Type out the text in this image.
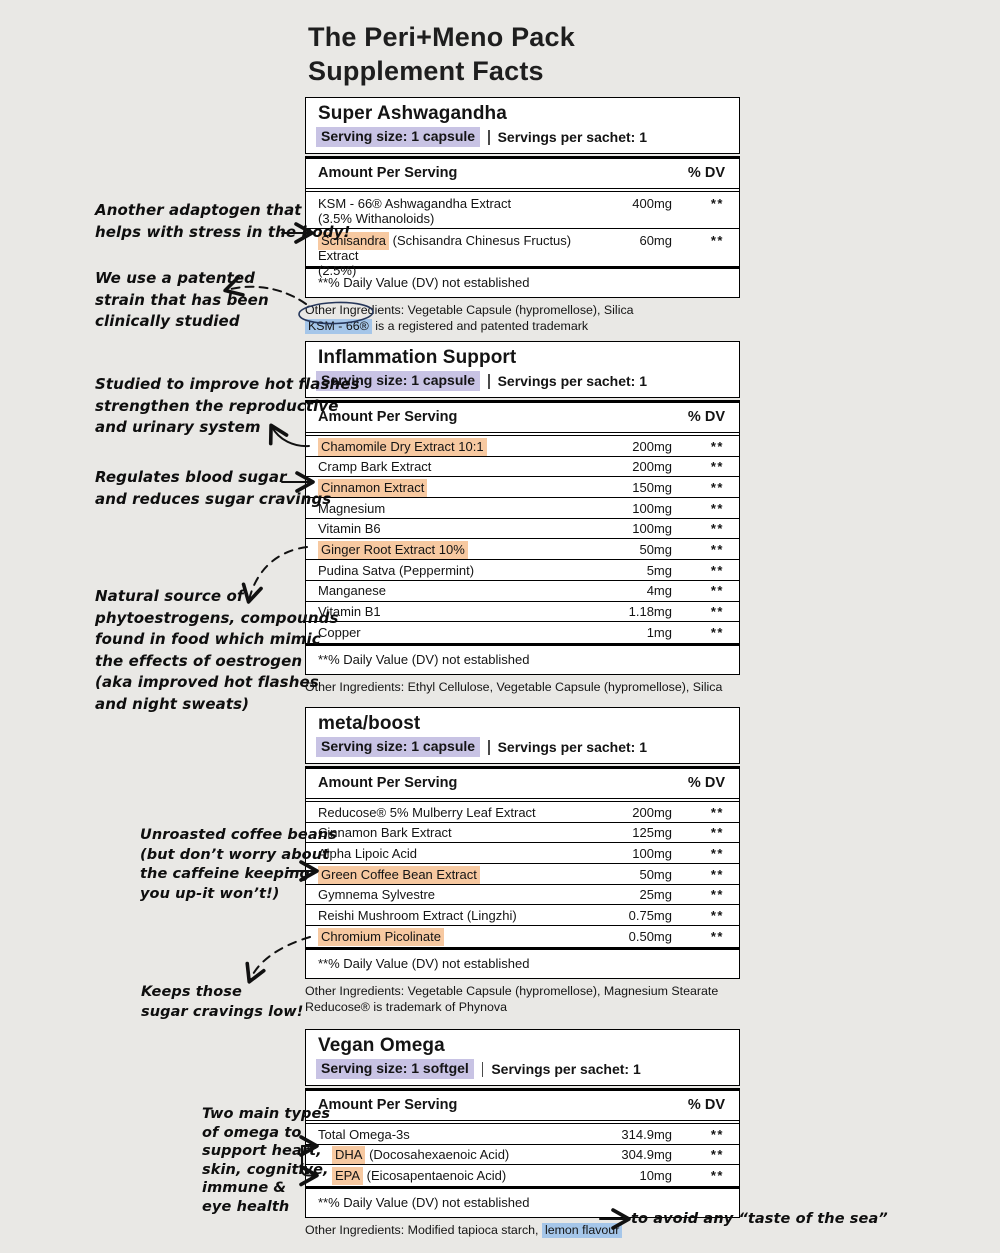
The Peri+Meno Pack
Supplement Facts
Super Ashwagandha
Serving size: 1 capsule	Servings per sachet: 1
Amount Per Serving	% DV
KSM - 66® Ashwagandha Extract
(3.5% Withanoloids)
400mg	**
Schisandra (Schisandra Chinesus Fructus) Extract
(2.5%)
60mg	**
**% Daily Value (DV) not established
Other Ingredients: Vegetable Capsule (hypromellose), Silica
KSM - 66® is a registered and patented trademark
Inflammation Support
Serving size: 1 capsule	Servings per sachet: 1
Amount Per Serving	% DV
Chamomile Dry Extract 10:1	200mg	**
Cramp Bark Extract	200mg	**
Cinnamon Extract	150mg	**
Magnesium	100mg	**
Vitamin B6	100mg	**
Ginger Root Extract 10%	50mg	**
Pudina Satva (Peppermint)	5mg	**
Manganese	4mg	**
Vitamin B1	1.18mg	**
Copper	1mg	**
**% Daily Value (DV) not established
Other Ingredients: Ethyl Cellulose, Vegetable Capsule (hypromellose), Silica
meta/boost
Serving size: 1 capsule	Servings per sachet: 1
Amount Per Serving	% DV
Reducose® 5% Mulberry Leaf Extract	200mg	**
Cinnamon Bark Extract	125mg	**
Alpha Lipoic Acid	100mg	**
Green Coffee Bean Extract	50mg	**
Gymnema Sylvestre	25mg	**
Reishi Mushroom Extract (Lingzhi)	0.75mg	**
Chromium Picolinate	0.50mg	**
**% Daily Value (DV) not established
Other Ingredients: Vegetable Capsule (hypromellose), Magnesium Stearate
Reducose® is trademark of Phynova
Vegan Omega
Serving size: 1 softgel	Servings per sachet: 1
Amount Per Serving	% DV
Total Omega-3s	314.9mg	**
DHA (Docosahexaenoic Acid)	304.9mg	**
EPA (Eicosapentaenoic Acid)	10mg	**
**% Daily Value (DV) not established
Other Ingredients: Modified tapioca starch, lemon flavour
Another adaptogen that
helps with stress in the body!
We use a patented
strain that has been
clinically studied
Studied to improve hot flashes
strengthen the reproductive
and urinary system
Regulates blood sugar
and reduces sugar cravings
Natural source of
phytoestrogens, compounds
found in food which mimic
the effects of oestrogen
(aka improved hot flashes
and night sweats)
Unroasted coffee beans
(but don’t worry about
the caffeine keeping
you up-it won’t!)
Keeps those
sugar cravings low!
Two main types
of omega to
support heart,
skin, cognitive,
immune &
eye health
to avoid any “taste of the sea”
